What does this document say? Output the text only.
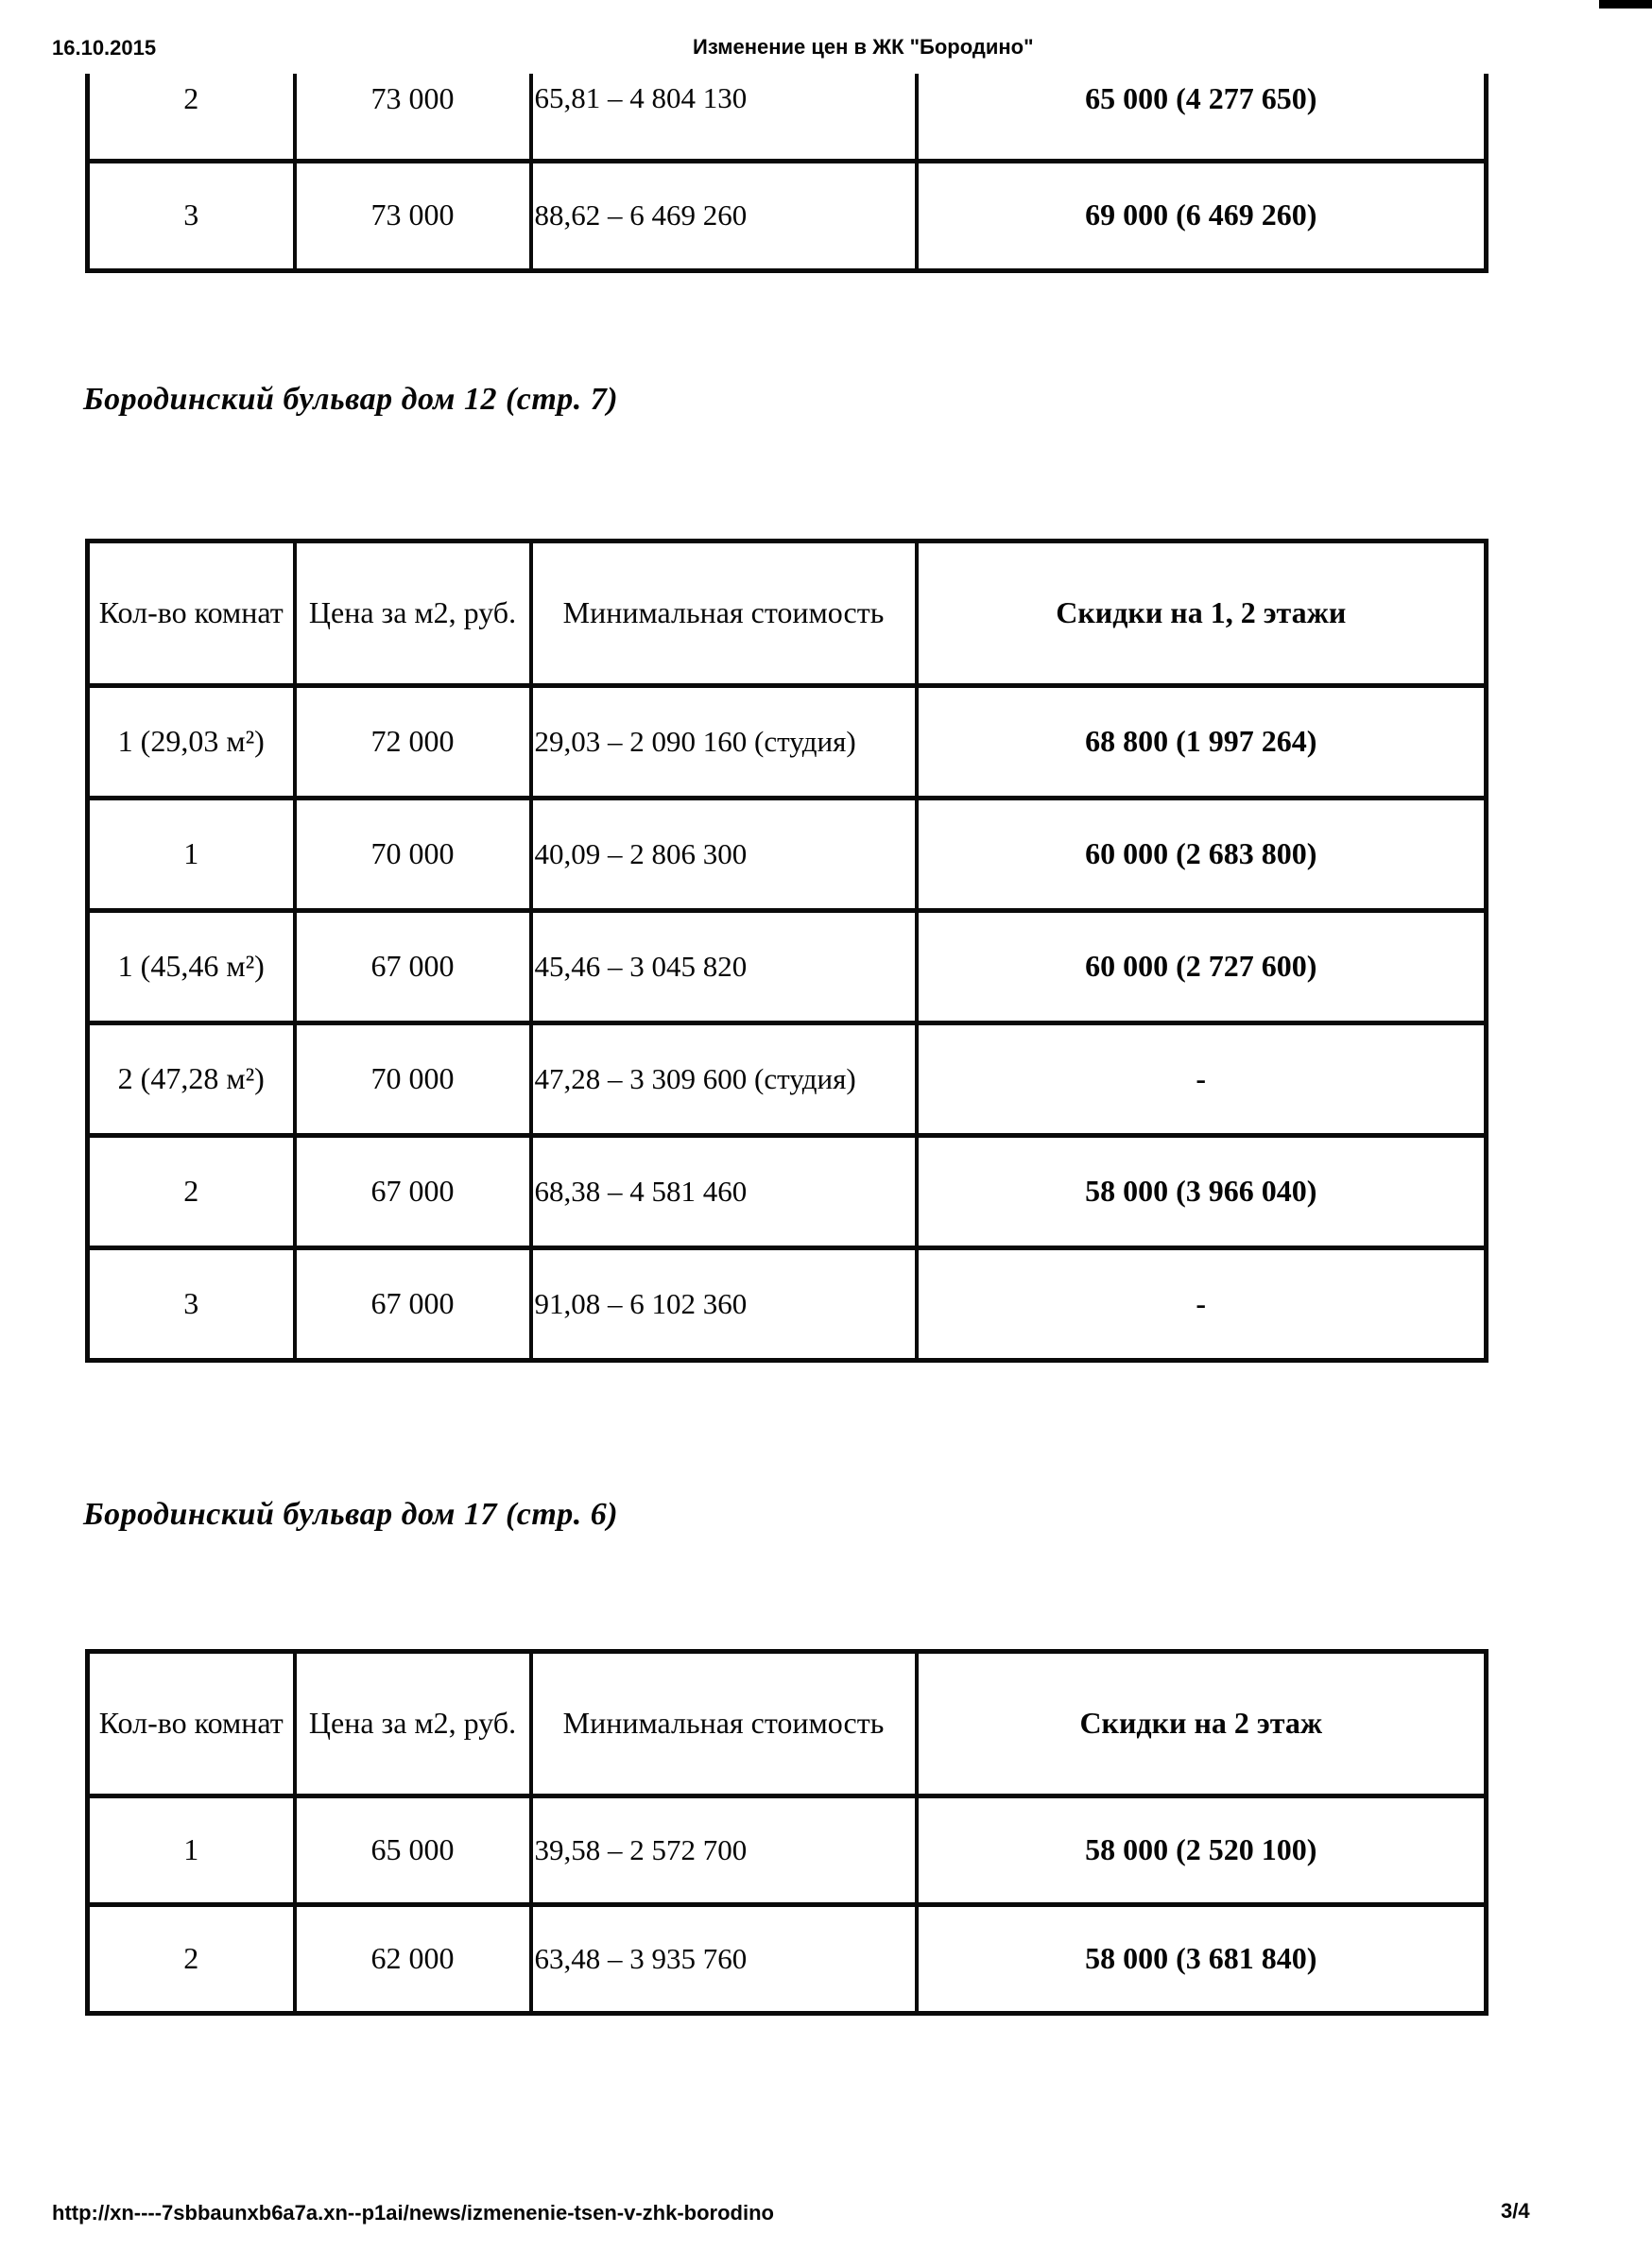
16.10.2015	Изменение цен в ЖК "Бородино"
2	73 000	65,81 – 4 804 130	65 000 (4 277 650)
3	73 000	88,62 – 6 469 260	69 000 (6 469 260)
Бородинский бульвар дом 12 (стр. 7)
Кол-во комнат	Цена за м2, руб.	Минимальная стоимость	Скидки на 1, 2 этажи
1 (29,03 м²)	72 000	29,03 – 2 090 160 (студия)	68 800 (1 997 264)
1	70 000	40,09 – 2 806 300	60 000 (2 683 800)
1 (45,46 м²)	67 000	45,46 – 3 045 820	60 000 (2 727 600)
2 (47,28 м²)	70 000	47,28 – 3 309 600 (студия)	-
2	67 000	68,38 – 4 581 460	58 000 (3 966 040)
3	67 000	91,08 – 6 102 360	-
Бородинский бульвар дом 17 (стр. 6)
Кол-во комнат	Цена за м2, руб.	Минимальная стоимость	Скидки на 2 этаж
1	65 000	39,58 – 2 572 700	58 000 (2 520 100)
2	62 000	63,48 – 3 935 760	58 000 (3 681 840)
http://xn----7sbbaunxb6a7a.xn--p1ai/news/izmenenie-tsen-v-zhk-borodino	3/4
